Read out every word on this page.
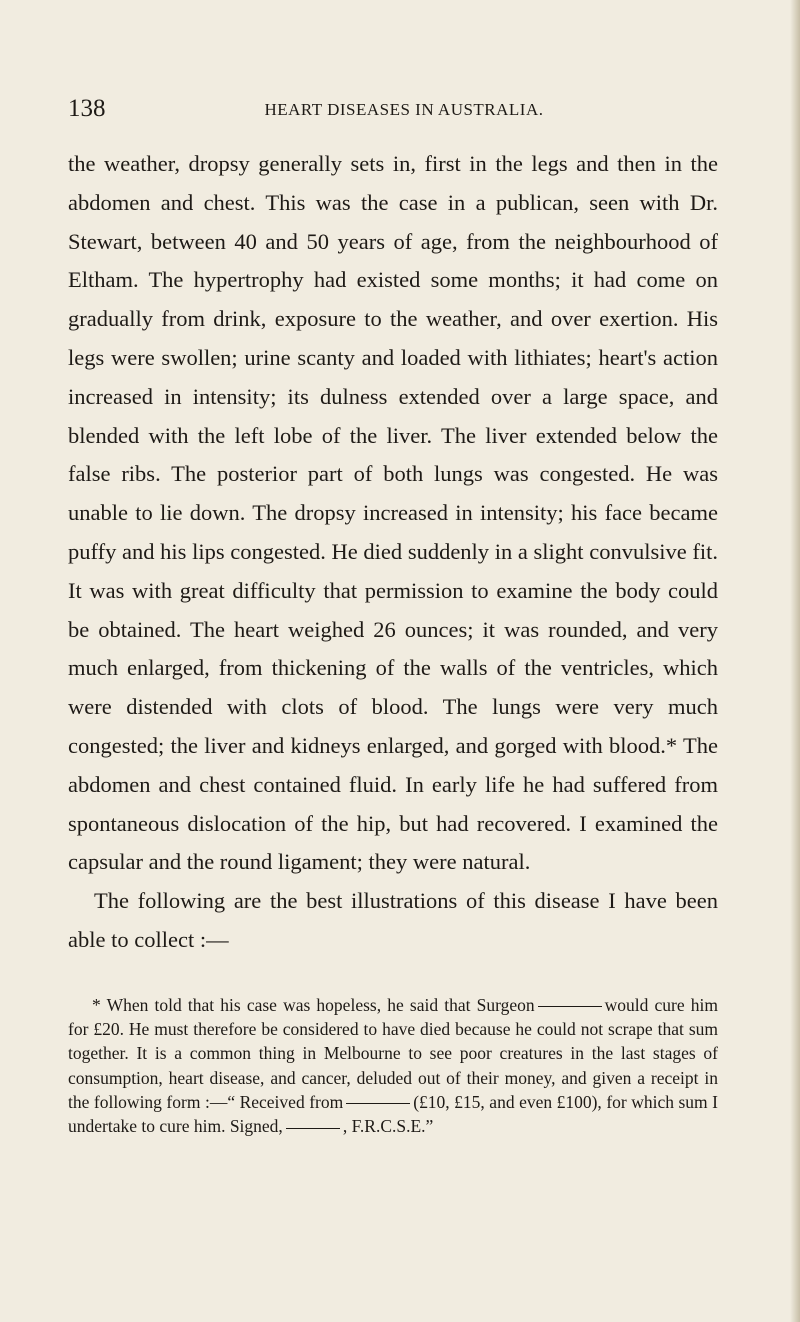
138	HEART DISEASES IN AUSTRALIA.

the weather, dropsy generally sets in, first in the legs and then in the abdomen and chest. This was the case in a publican, seen with Dr. Stewart, between 40 and 50 years of age, from the neighbourhood of Eltham. The hypertrophy had existed some months; it had come on gradually from drink, exposure to the weather, and over exertion. His legs were swollen; urine scanty and loaded with lithiates; heart's action increased in intensity; its dulness extended over a large space, and blended with the left lobe of the liver. The liver extended below the false ribs. The posterior part of both lungs was congested. He was unable to lie down. The dropsy increased in intensity; his face became puffy and his lips congested. He died suddenly in a slight convulsive fit. It was with great difficulty that permission to examine the body could be obtained. The heart weighed 26 ounces; it was rounded, and very much enlarged, from thickening of the walls of the ventricles, which were distended with clots of blood. The lungs were very much congested; the liver and kidneys enlarged, and gorged with blood.* The abdomen and chest contained fluid. In early life he had suffered from spontaneous dislocation of the hip, but had recovered. I examined the capsular and the round ligament; they were natural.

The following are the best illustrations of this disease I have been able to collect :—

* When told that his case was hopeless, he said that Surgeon	would cure him for £20. He must therefore be considered to have died because he could not scrape that sum together. It is a common thing in Melbourne to see poor creatures in the last stages of consumption, heart disease, and cancer, deluded out of their money, and given a receipt in the following form :—“ Received from	(£10, £15, and even £100), for which sum I undertake to cure him. Signed,	, F.R.C.S.E.”
